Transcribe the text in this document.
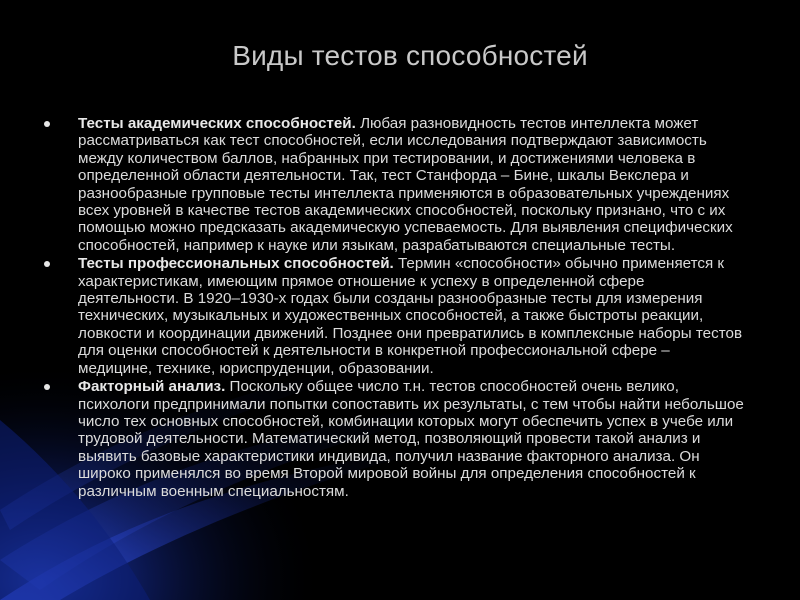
Виды тестов способностей
Тесты академических способностей. Любая разновидность тестов интеллекта может рассматриваться как тест способностей, если исследования подтверждают зависимость между количеством баллов, набранных при тестировании, и достижениями человека в определенной области деятельности. Так, тест Станфорда – Бине, шкалы Векслера и разнообразные групповые тесты интеллекта применяются в образовательных учреждениях всех уровней в качестве тестов академических способностей, поскольку признано, что с их помощью можно предсказать академическую успеваемость. Для выявления специфических способностей, например к науке или языкам, разрабатываются специальные тесты.
Тесты профессиональных способностей. Термин «способности» обычно применяется к характеристикам, имеющим прямое отношение к успеху в определенной сфере деятельности. В 1920–1930-х годах были созданы разнообразные тесты для измерения технических, музыкальных и художественных способностей, а также быстроты реакции, ловкости и координации движений. Позднее они превратились в комплексные наборы тестов для оценки способностей к деятельности в конкретной профессиональной сфере – медицине, технике, юриспруденции, образовании.
Факторный анализ. Поскольку общее число т.н. тестов способностей очень велико, психологи предпринимали попытки сопоставить их результаты, с тем чтобы найти небольшое число тех основных способностей, комбинации которых могут обеспечить успех в учебе или трудовой деятельности. Математический метод, позволяющий провести такой анализ и выявить базовые характеристики индивида, получил название факторного анализа. Он широко применялся во время Второй мировой войны для определения способностей к различным военным специальностям.
